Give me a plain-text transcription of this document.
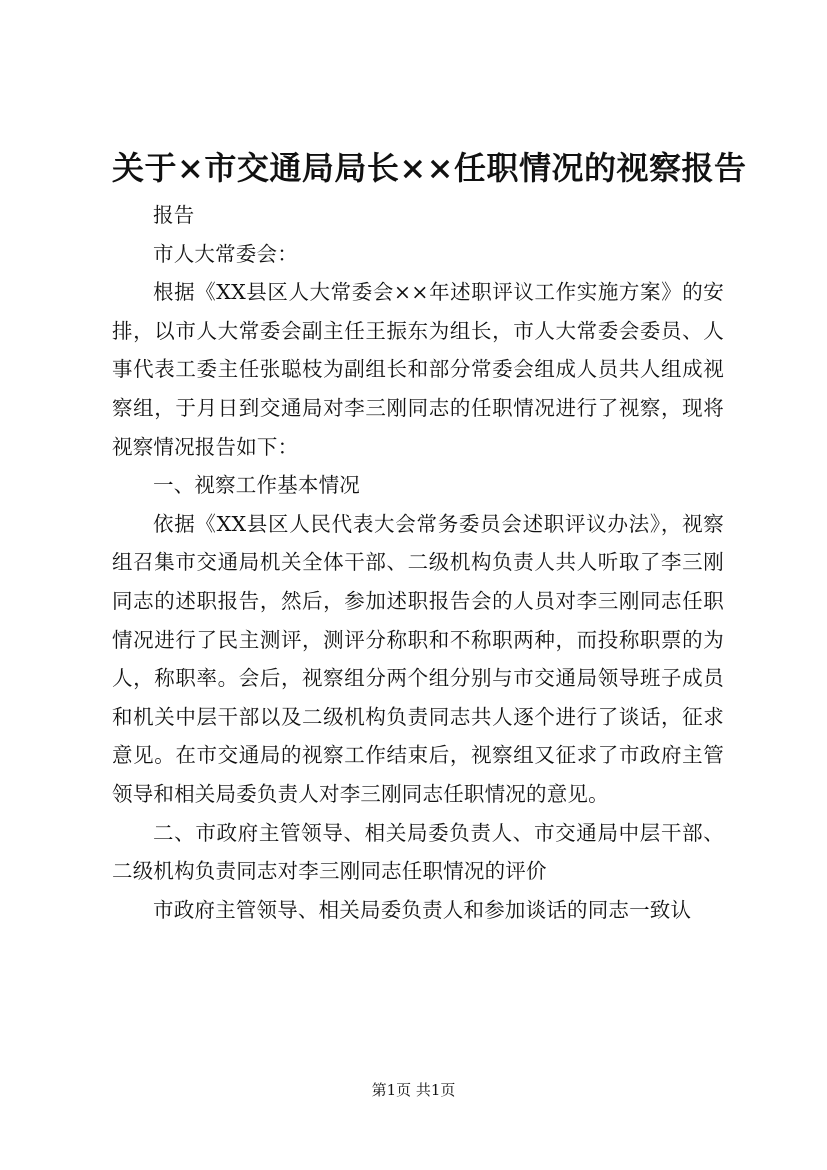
关于×市交通局局长××任职情况的视察报告

报告

市人大常委会：

根据《XX县区人大常委会××年述职评议工作实施方案》的安排，以市人大常委会副主任王振东为组长，市人大常委会委员、人事代表工委主任张聪枝为副组长和部分常委会组成人员共人组成视察组，于月日到交通局对李三刚同志的任职情况进行了视察，现将视察情况报告如下：

一、视察工作基本情况

依据《XX县区人民代表大会常务委员会述职评议办法》，视察组召集市交通局机关全体干部、二级机构负责人共人听取了李三刚同志的述职报告，然后，参加述职报告会的人员对李三刚同志任职情况进行了民主测评，测评分称职和不称职两种，而投称职票的为人，称职率。会后，视察组分两个组分别与市交通局领导班子成员和机关中层干部以及二级机构负责同志共人逐个进行了谈话，征求意见。在市交通局的视察工作结束后，视察组又征求了市政府主管领导和相关局委负责人对李三刚同志任职情况的意见。

二、市政府主管领导、相关局委负责人、市交通局中层干部、二级机构负责同志对李三刚同志任职情况的评价

市政府主管领导、相关局委负责人和参加谈话的同志一致认

第1页 共1页
